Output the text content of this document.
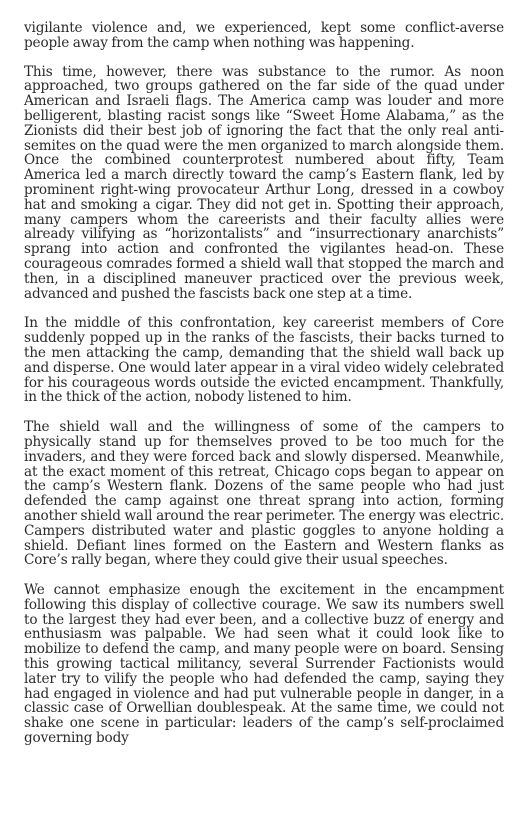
vigilante violence and, we experienced, kept some conflict-averse people away from the camp when nothing was happening.

This time, however, there was substance to the rumor. As noon approached, two groups gathered on the far side of the quad under American and Israeli flags. The America camp was louder and more belligerent, blasting racist songs like “Sweet Home Alabama,” as the Zionists did their best job of ignoring the fact that the only real anti-semites on the quad were the men organized to march alongside them. Once the combined counterprotest numbered about fifty, Team America led a march directly toward the camp’s Eastern flank, led by prominent right-wing provocateur Arthur Long, dressed in a cowboy hat and smoking a cigar. They did not get in. Spotting their approach, many campers whom the careerists and their faculty allies were already vilifying as “horizontalists” and “insurrectionary anarchists” sprang into action and confronted the vigilantes head-on. These courageous comrades formed a shield wall that stopped the march and then, in a disciplined maneuver practiced over the previous week, advanced and pushed the fascists back one step at a time.

In the middle of this confrontation, key careerist members of Core suddenly popped up in the ranks of the fascists, their backs turned to the men attacking the camp, demanding that the shield wall back up and disperse. One would later appear in a viral video widely celebrated for his courageous words outside the evicted encampment. Thankfully, in the thick of the action, nobody listened to him.

The shield wall and the willingness of some of the campers to physically stand up for themselves proved to be too much for the invaders, and they were forced back and slowly dispersed. Meanwhile, at the exact moment of this retreat, Chicago cops began to appear on the camp’s Western flank. Dozens of the same people who had just defended the camp against one threat sprang into action, forming another shield wall around the rear perimeter. The energy was electric. Campers distributed water and plastic goggles to anyone holding a shield. Defiant lines formed on the Eastern and Western flanks as Core’s rally began, where they could give their usual speeches.

We cannot emphasize enough the excitement in the encampment following this display of collective courage. We saw its numbers swell to the largest they had ever been, and a collective buzz of energy and enthusiasm was palpable. We had seen what it could look like to mobilize to defend the camp, and many people were on board. Sensing this growing tactical militancy, several Surrender Factionists would later try to vilify the people who had defended the camp, saying they had engaged in violence and had put vulnerable people in danger, in a classic case of Orwellian doublespeak. At the same time, we could not shake one scene in particular: leaders of the camp’s self-proclaimed governing body
